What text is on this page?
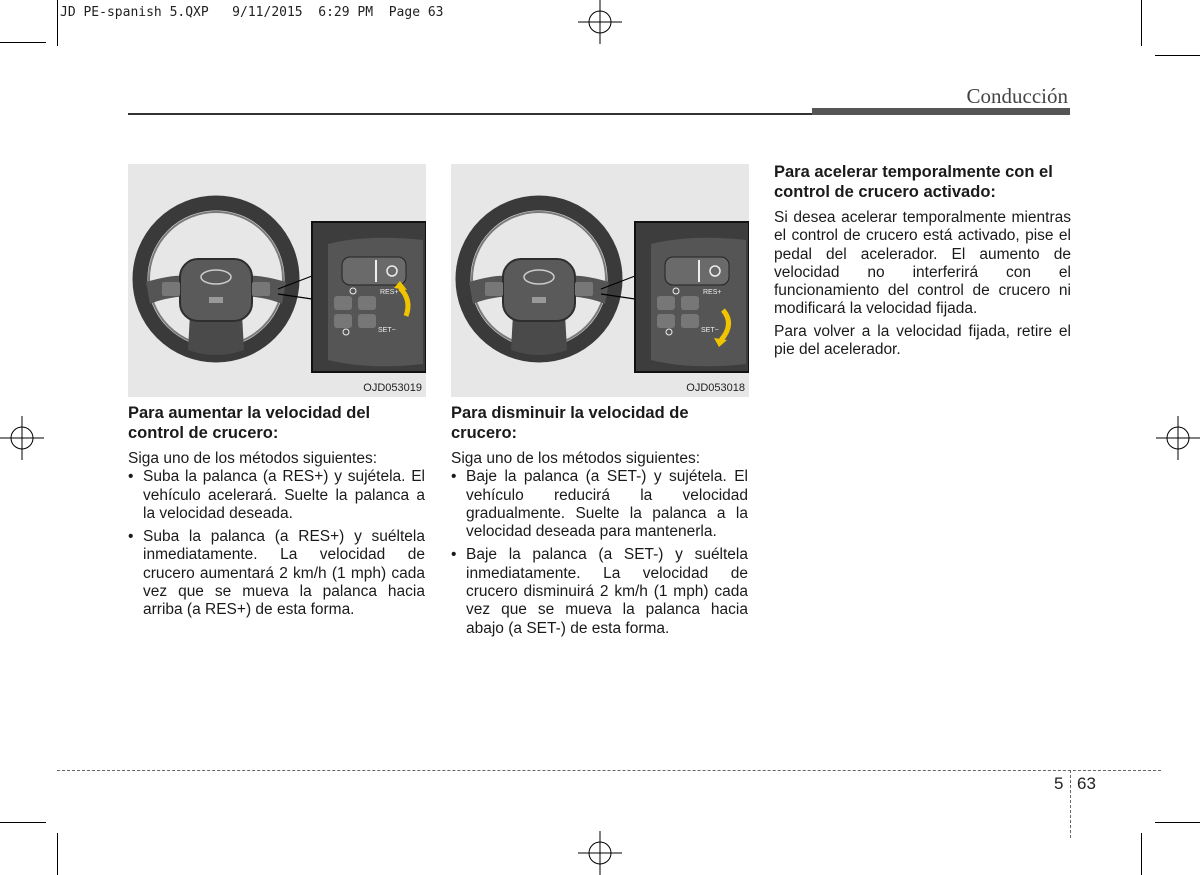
JD PE-spanish 5.QXP   9/11/2015  6:29 PM  Page 63
Conducción
RES+
SET−
OJD053019
RES+
SET−
OJD053018
Para aumentar la velocidad del control de crucero:

Siga uno de los métodos siguientes:

• Suba la palanca (a RES+) y sujétela. El vehículo acelerará. Suelte la palanca a la velocidad deseada.
• Suba la palanca (a RES+) y suéltela inmediatamente. La velocidad de crucero aumentará 2 km/h (1 mph) cada vez que se mueva la palanca hacia arriba (a RES+) de esta forma.
Para disminuir la velocidad de crucero:

Siga uno de los métodos siguientes:

• Baje la palanca (a SET-) y sujétela. El vehículo reducirá la velocidad gradualmente. Suelte la palanca a la velocidad deseada para mantenerla.
• Baje la palanca (a SET-) y suéltela inmediatamente. La velocidad de crucero disminuirá 2 km/h (1 mph) cada vez que se mueva la palanca hacia abajo (a SET-) de esta forma.
Para acelerar temporalmente con el control de crucero activado:

Si desea acelerar temporalmente mientras el control de crucero está activado, pise el pedal del acelerador. El aumento de velocidad no interferirá con el funcionamiento del control de crucero ni modificará la velocidad fijada.

Para volver a la velocidad fijada, retire el pie del acelerador.

5 63
